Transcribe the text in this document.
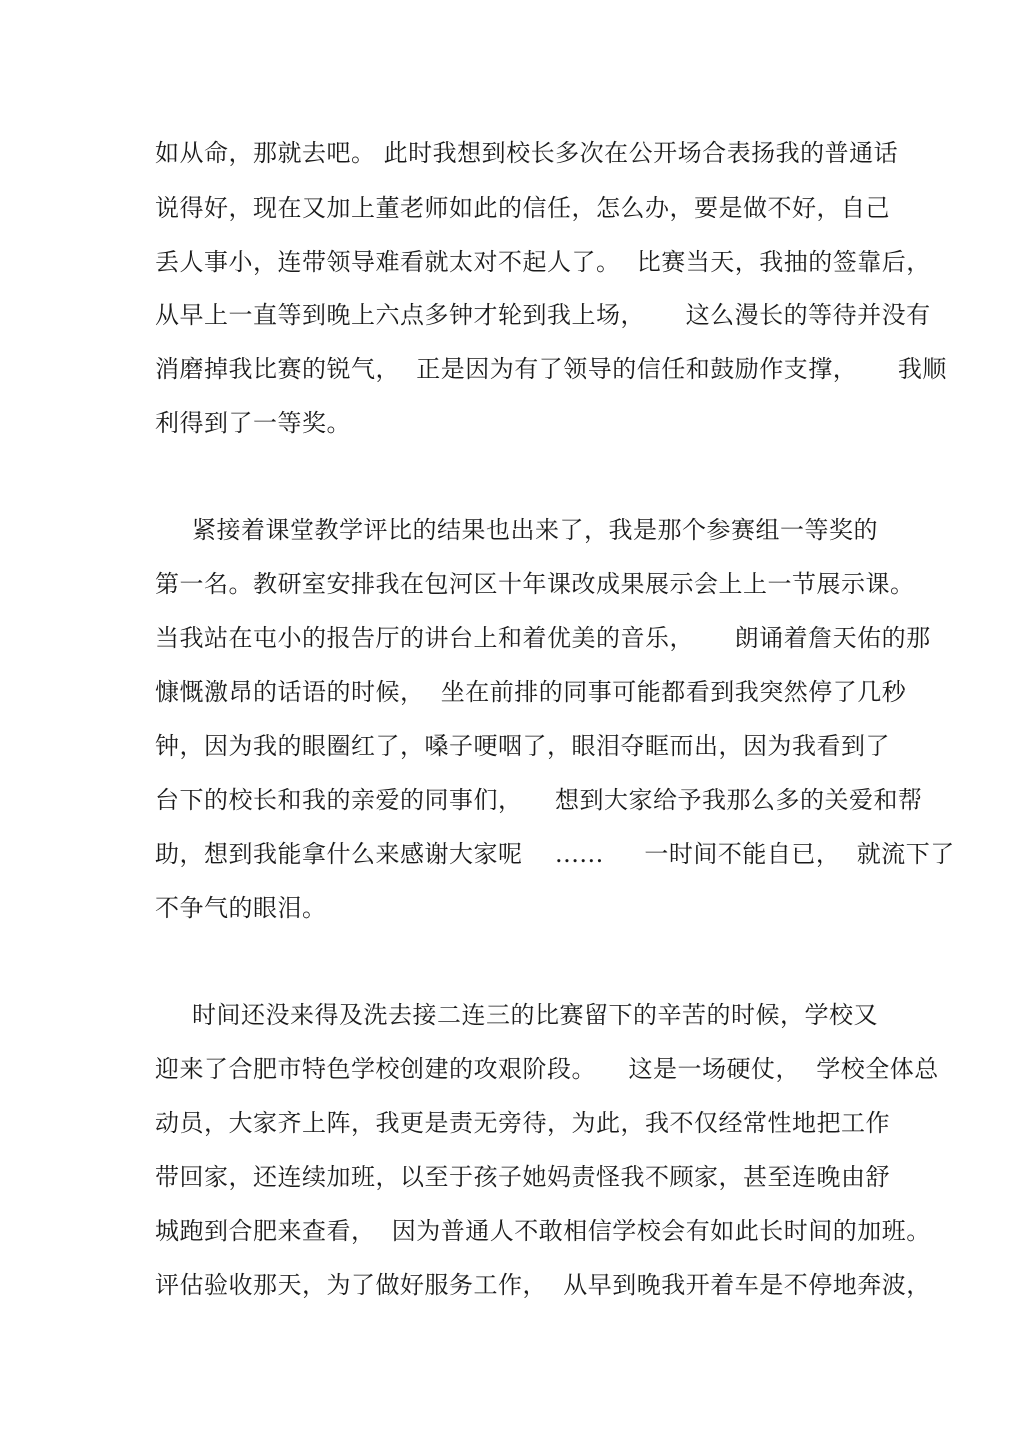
如从命，那就去吧。 此时我想到校长多次在公开场合表扬我的普通话
说得好，现在又加上董老师如此的信任，怎么办，要是做不好，自己
丢人事小，连带领导难看就太对不起人了。  比赛当天，我抽的签靠后，
从早上一直等到晚上六点多钟才轮到我上场，     这么漫长的等待并没有
消磨掉我比赛的锐气，  正是因为有了领导的信任和鼓励作支撑，     我顺
利得到了一等奖。
紧接着课堂教学评比的结果也出来了，我是那个参赛组一等奖的
第一名。教研室安排我在包河区十年课改成果展示会上上一节展示课。
当我站在屯小的报告厅的讲台上和着优美的音乐，     朗诵着詹天佑的那
慷慨激昂的话语的时候，  坐在前排的同事可能都看到我突然停了几秒
钟，因为我的眼圈红了，嗓子哽咽了，眼泪夺眶而出，因为我看到了
台下的校长和我的亲爱的同事们，    想到大家给予我那么多的关爱和帮
助，想到我能拿什么来感谢大家呢    ......     一时间不能自已，  就流下了
不争气的眼泪。
时间还没来得及洗去接二连三的比赛留下的辛苦的时候，学校又
迎来了合肥市特色学校创建的攻艰阶段。    这是一场硬仗，  学校全体总
动员，大家齐上阵，我更是责无旁待，为此，我不仅经常性地把工作
带回家，还连续加班，以至于孩子她妈责怪我不顾家，甚至连晚由舒
城跑到合肥来查看，  因为普通人不敢相信学校会有如此长时间的加班。
评估验收那天，为了做好服务工作，  从早到晚我开着车是不停地奔波，
